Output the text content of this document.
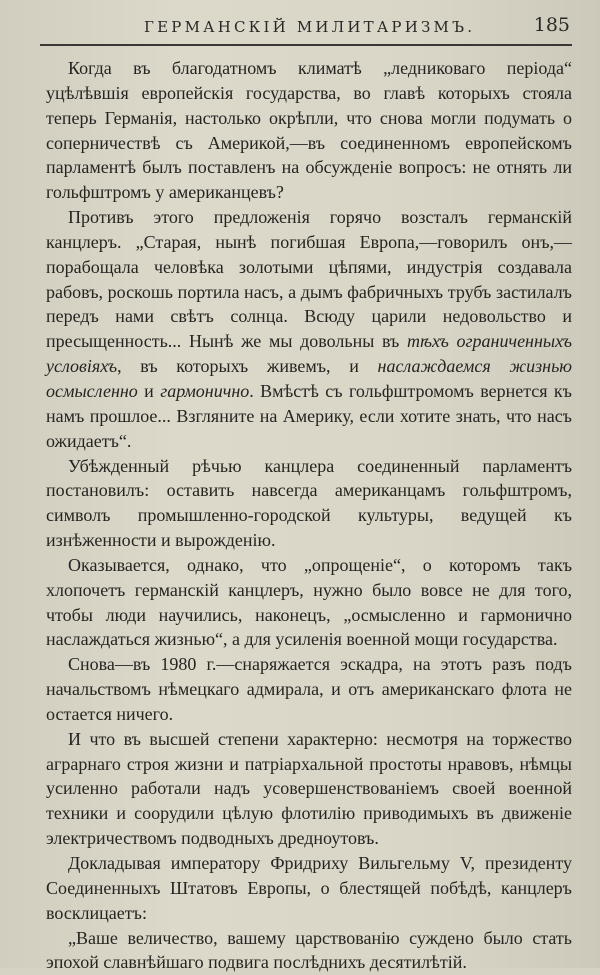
ГЕРМАНСКIЙ МИЛИТАРИЗМЪ.	185

Когда въ благодатномъ климатѣ „ледниковаго періода“ уцѣлѣвшія европейскія государства, во главѣ которыхъ стояла теперь Германія, настолько окрѣпли, что снова могли подумать о соперничествѣ съ Америкой,—въ соединенномъ европейскомъ парламентѣ былъ поставленъ на обсужденіе вопросъ: не отнять ли гольфштромъ у американцевъ?

Противъ этого предложенія горячо возсталъ германскій канцлеръ. „Старая, нынѣ погибшая Европа,—говорилъ онъ,—порабощала человѣка золотыми цѣпями, индустрія создавала рабовъ, роскошь портила насъ, а дымъ фабричныхъ трубъ застилалъ передъ нами свѣтъ солнца. Всюду царили недовольство и пресыщенность... Нынѣ же мы довольны въ тѣхъ ограниченныхъ условіяхъ, въ которыхъ живемъ, и наслаждаемся жизнью осмысленно и гармонично. Вмѣстѣ съ гольфштромомъ вернется къ намъ прошлое... Взгляните на Америку, если хотите знать, что насъ ожидаетъ“.

Убѣжденный рѣчью канцлера соединенный парламентъ постановилъ: оставить навсегда американцамъ гольфштромъ, символъ промышленно-городской культуры, ведущей къ изнѣженности и вырожденію.

Оказывается, однако, что „опрощеніе“, о которомъ такъ хлопочетъ германскій канцлеръ, нужно было вовсе не для того, чтобы люди научились, наконецъ, „осмысленно и гармонично наслаждаться жизнью“, а для усиленія военной мощи государства.

Снова—въ 1980 г.—снаряжается эскадра, на этотъ разъ подъ начальствомъ нѣмецкаго адмирала, и отъ американскаго флота не остается ничего.

И что въ высшей степени характерно: несмотря на торжество аграрнаго строя жизни и патріархальной простоты нравовъ, нѣмцы усиленно работали надъ усовершенствованіемъ своей военной техники и соорудили цѣлую флотилію приводимыхъ въ движеніе электричествомъ подводныхъ дредноутовъ.

Докладывая императору Фридриху Вильгельму V, президенту Соединенныхъ Штатовъ Европы, о блестящей побѣдѣ, канцлеръ восклицаетъ:

„Ваше величество, вашему царствованію суждено было стать эпохой славнѣйшаго подвига послѣднихъ десятилѣтій.
